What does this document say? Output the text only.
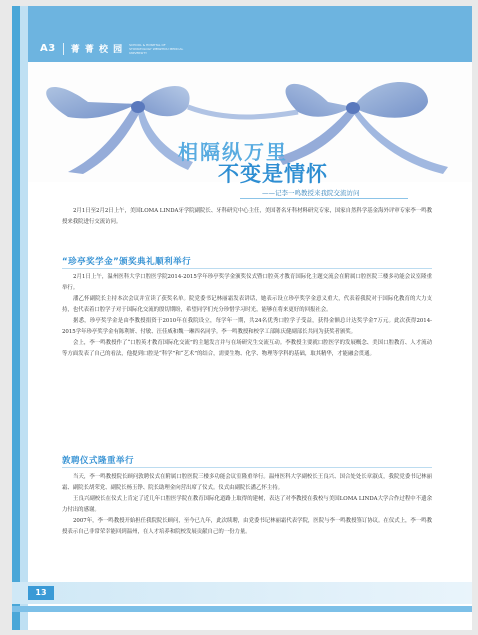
A3 菁 菁 校 园
SCHOOL & HOSPITAL OF STOMATOLOGY WENZHOU MEDICAL UNIVERSITY
相隔纵万里
不变是情怀
——记李一鸣教授来我院交流访问

2月1日至2月2日上午，美国LOMA LINDA牙学院副院长、牙科研究中心主任，美国著名牙科材料研究专家，国家自然科学基金海外评审专家李一鸣教授来我院进行交流访问。

“珍亭奖学金”颁奖典礼顺利举行

2月1日上午，温州医科大学口腔医学院2014-2015学年珍亭奖学金颁奖仪式暨口腔英才教育国际化主题交流会在附属口腔医院三楼多功能会议室隆重举行。

潘乙怀副院长主持本次会议并宣读了获奖名单。院党委书记林丽霜发表讲话，她表示设立珍亭奖学金意义重大，代表着我院对于国际化教育的大力支持，也代表着口腔学子对于国际化交流的殷切期盼，希望同学们充分珍惜学习时光，能够在将来更好的回报社会。

据悉，珍亭奖学金是由李教授捐资于2010年在我院设立，每学年一期，共24名优秀口腔学子受益，获得金额总计达奖学金7万元。此次获得2014-2015学年珍亭奖学金有陈利妍、付敏、汪佳威和魏一琳四名同学。李一鸣教授和校学工部陈庆健副部长共同为获奖者颁奖。

会上，李一鸣教授作了“口腔英才教育国际化交流”的主题发言并与在场研究生交流互动。李教授主要就口腔医学的发展概念、美国口腔教育、人才流动等方面发表了自己的看法，他提到口腔是“科学”和“艺术”的结合，需要生物、化学、物理等学科的基础，取其精华，才能融会贯通。

敦聘仪式隆重举行

当天，李一鸣教授院长顾问敦聘仪式在附属口腔医院三楼多功能会议室隆重举行。温州医科大学副校长王良兴、国合处处长章淑贞，我院党委书记林丽霜、副院长胡荣党、副院长杨玉铮、院长助理金向营出席了仪式。仪式由副院长潘乙怀主持。

王良兴副校长在仪式上肯定了近几年口腔医学院在教育国际化道路上取得的建树，表达了对李教授在我校与美国LOMA LINDA大学合作过程中不遗余力付出的感谢。

2007年，李一鸣教授开始担任我院院长顾问，至今已九年，此次续聘，由党委书记林丽霜代表学院，医院与李一鸣教授签订协议。在仪式上，李一鸣教授表示自己非常荣幸能回到温州，在人才培养和院校发展贡献自己的一份力量。

13
